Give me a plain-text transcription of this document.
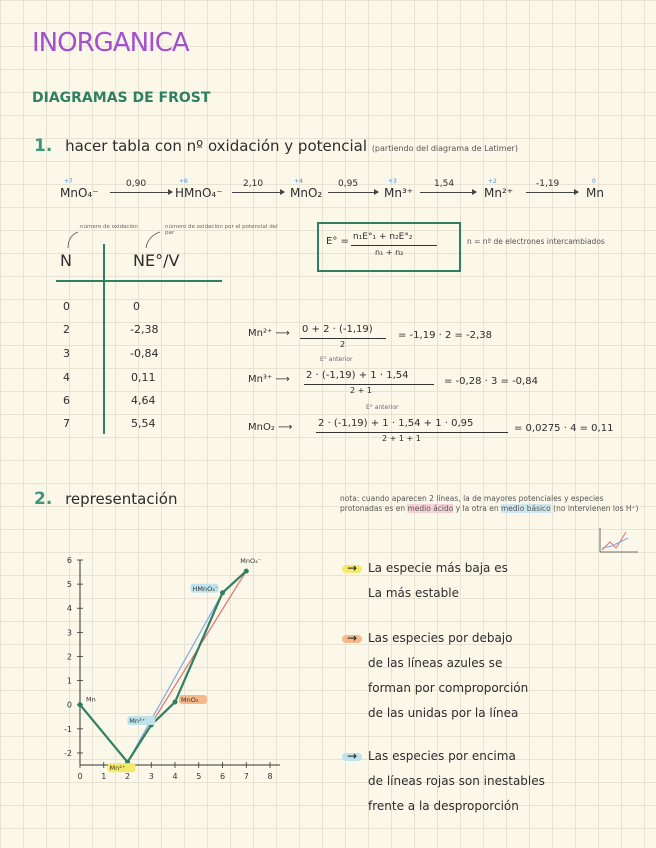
INORGANICA
DIAGRAMAS DE FROST
1. hacer tabla con nº oxidación y potencial (partiendo del diagrama de Latimer)
+7
MnO₄⁻
0,90	+6
HMnO₄⁻
2,10	+4
MnO₂
0,95	+3
Mn³⁺
1,54	+2
Mn²⁺
-1,19	0
Mn
número de oxidación	número de oxidación por el potencial del par
N	NE°/V
0	0
2	-2,38
3	-0,84
4	0,11
6	4,64
7	5,54
E° = n₁E°₁ + n₂E°₂
n₁ + n₂
n = nº de electrones intercambiados
Mn²⁺ ⟶ 0 + 2 · (-1,19)
2
= -1,19 · 2 = -2,38
E° anterior
Mn³⁺ ⟶ 2 · (-1,19) + 1 · 1,54
2 + 1
= -0,28 · 3 = -0,84
E° anterior
MnO₂ ⟶	2 · (-1,19) + 1 · 1,54 + 1 · 0,95
2 + 1 + 1
= 0,0275 · 4 = 0,11
2. representación	nota: cuando aparecen 2 líneas, la de mayores potenciales y especies protonadas es en medio ácido y la otra en medio básico (no intervienen los H⁺)
6
5
4
3
2
1
0
-1
-2
0 1 2 3 4 5 6 7 8
Mn
Mn²⁺
Mn³⁺
MnO₂
HMnO₄⁻
MnO₄⁻
→	La especie más baja es
La más estable
→Las especies por debajo
de las líneas azules se
forman por comproporción
de las unidas por la línea
→Las especies por encima
de líneas rojas son inestables
frente a la desproporción
